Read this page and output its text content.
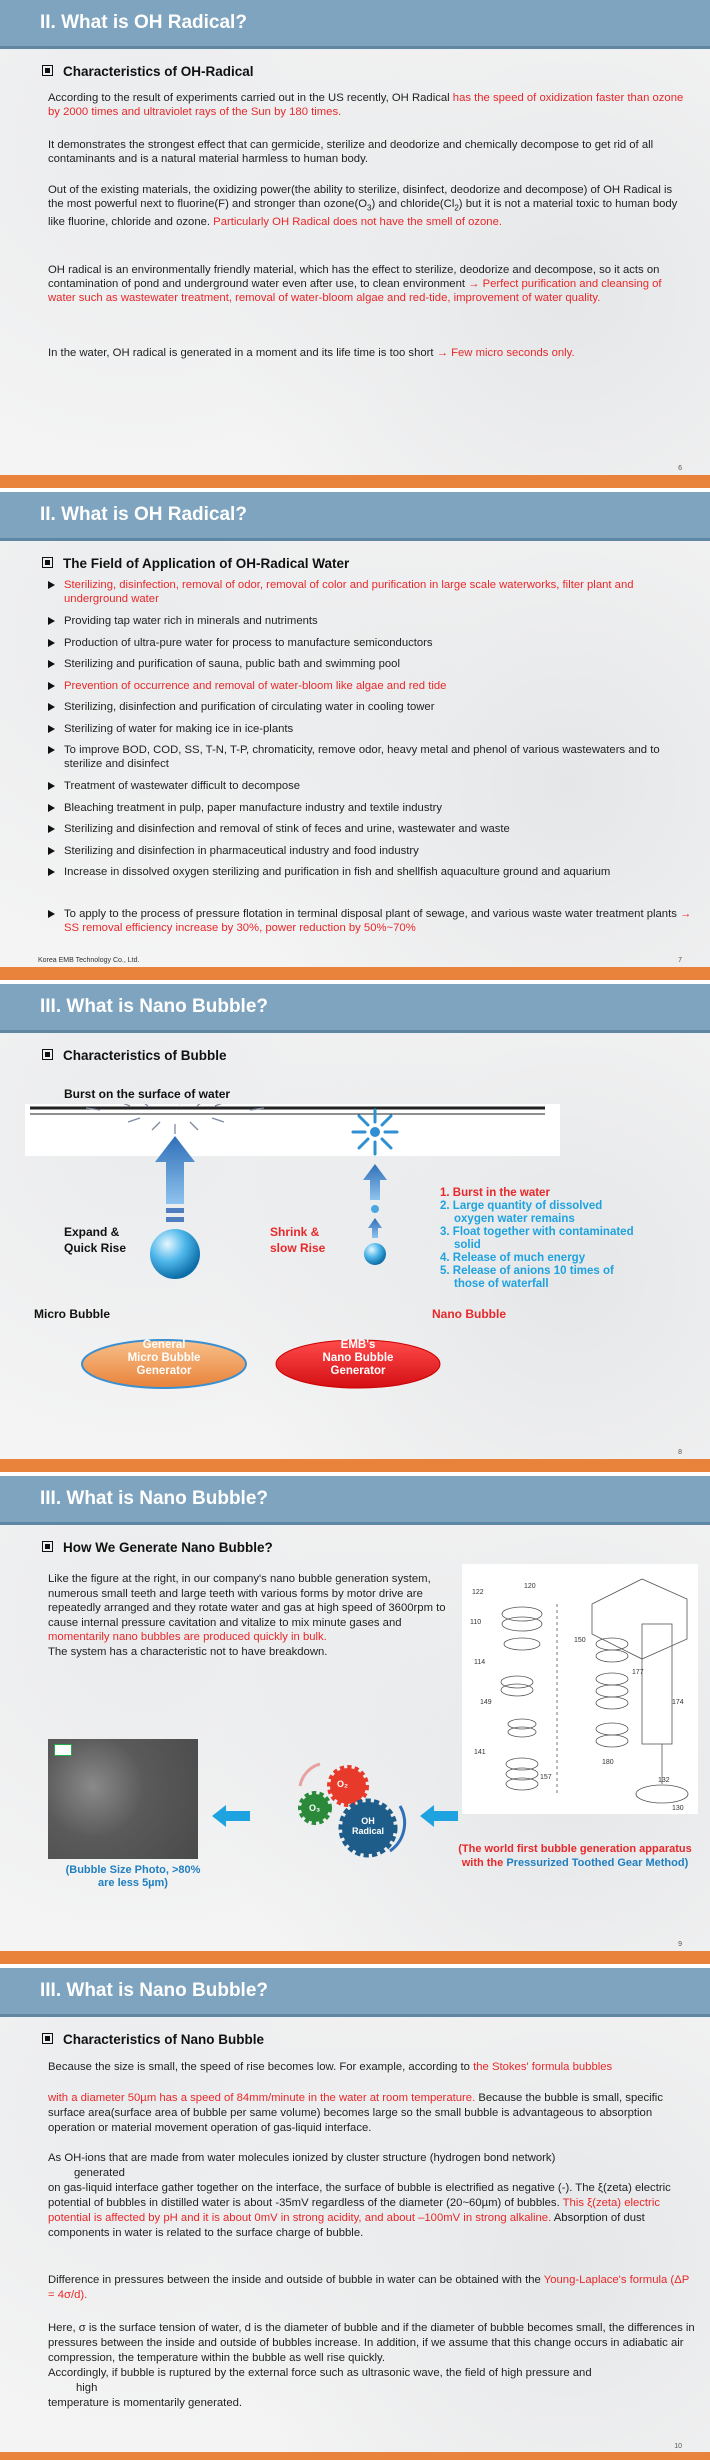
II. What is OH Radical?
Characteristics of OH-Radical
According to the result of experiments carried out in the US recently, OH Radical has the speed of oxidization faster than ozone by 2000 times and ultraviolet rays of the Sun by 180 times.
It demonstrates the strongest effect that can germicide, sterilize and deodorize and chemically decompose to get rid of all contaminants and is a natural material harmless to human body.
Out of the existing materials, the oxidizing power(the ability to sterilize, disinfect, deodorize and decompose) of OH Radical is the most powerful next to fluorine(F) and stronger than $ozone(O_3)$ and $chloride(Cl_2)$ but it is not a material toxic to human body like fluorine, chloride and ozone. Particularly OH Radical does not have the smell of ozone.
OH radical is an environmentally friendly material, which has the effect to sterilize, deodorize and decompose, so it acts on contamination of pond and underground water even after use, to clean environment → Perfect purification and cleansing of water such as wastewater treatment, removal of water-bloom algae and red-tide, improvement of water quality.
In the water, OH radical is generated in a moment and its life time is too short → Few micro seconds only.
6
II. What is OH Radical?
The Field of Application of OH-Radical Water
Sterilizing, disinfection, removal of odor, removal of color and purification in large scale waterworks, filter plant and underground water
Providing tap water rich in minerals and nutriments
Production of ultra-pure water for process to manufacture semiconductors
Sterilizing and purification of sauna, public bath and swimming pool
Prevention of occurrence and removal of water-bloom like algae and red tide
Sterilizing, disinfection and purification of circulating water in cooling tower
Sterilizing of water for making ice in ice-plants
To improve BOD, COD, SS, T-N, T-P, chromaticity, remove odor, heavy metal and phenol of various wastewaters and to sterilize and disinfect
Treatment of wastewater difficult to decompose
Bleaching treatment in pulp, paper manufacture industry and textile industry
Sterilizing and disinfection and removal of stink of feces and urine, wastewater and waste
Sterilizing and disinfection in pharmaceutical industry and food industry
Increase in dissolved oxygen sterilizing and purification in fish and shellfish aquaculture ground and aquarium
To apply to the process of pressure flotation in terminal disposal plant of sewage, and various waste water treatment plants → SS removal efficiency increase by 30%, power reduction by 50%~70%
Korea EMB Technology Co., Ltd.	7
III. What is Nano Bubble?
Characteristics of Bubble
Burst on the surface of water
Expand &
Quick Rise
Shrink &
slow Rise
Micro Bubble	Nano Bubble
1. Burst in the water
2. Large quantity of dissolved oxygen water remains
3. Float together with contaminated solid
4. Release of much energy
5. Release of anions 10 times of those of waterfall
General
Micro Bubble
Generator
EMB's
Nano Bubble
Generator
8
III. What is Nano Bubble?
How We Generate Nano Bubble?
Like the figure at the right, in our company's nano bubble generation system, numerous small teeth and large teeth with various forms by motor drive are repeatedly arranged and they rotate water and gas at high speed of 3600rpm to cause internal pressure cavitation and vitalize to mix minute gases and momentarily nano bubbles are produced quickly in bulk.
The system has a characteristic not to have breakdown.
122
120
110
114
149
141
157
150
177
174
132
180
130
O₂
O₃
OH
Radical
(Bubble Size Photo, >80%
are less 5µm)
(The world first bubble generation apparatus
with the Pressurized Toothed Gear Method)
9
III. What is Nano Bubble?
Characteristics of Nano Bubble
Because the size is small, the speed of rise becomes low. For example, according to the Stokes' formula bubbles
with a diameter 50µm has a speed of 84mm/minute in the water at room temperature. Because the bubble is small, specific surface area(surface area of bubble per same volume) becomes large so the small bubble is advantageous to absorption operation or material movement operation of gas-liquid interface.
As OH-ions that are made from water molecules ionized by cluster structure (hydrogen bond network)
generated
on gas-liquid interface gather together on the interface, the surface of bubble is electrified as negative (-). The ξ(zeta) electric potential of bubbles in distilled water is about -35mV regardless of the diameter (20~60µm) of bubbles. This ξ(zeta) electric potential is affected by pH and it is about 0mV in strong acidity, and about –100mV in strong alkaline. Absorption of dust components in water is related to the surface charge of bubble.
Difference in pressures between the inside and outside of bubble in water can be obtained with the Young-Laplace's formula (ΔP = 4σ/d).
Here, σ is the surface tension of water, d is the diameter of bubble and if the diameter of bubble becomes small, the differences in pressures between the inside and outside of bubbles increase. In addition, if we assume that this change occurs in adiabatic air compression, the temperature within the bubble as well rise quickly.
Accordingly, if bubble is ruptured by the external force such as ultrasonic wave, the field of high pressure and
high
temperature is momentarily generated.
10
